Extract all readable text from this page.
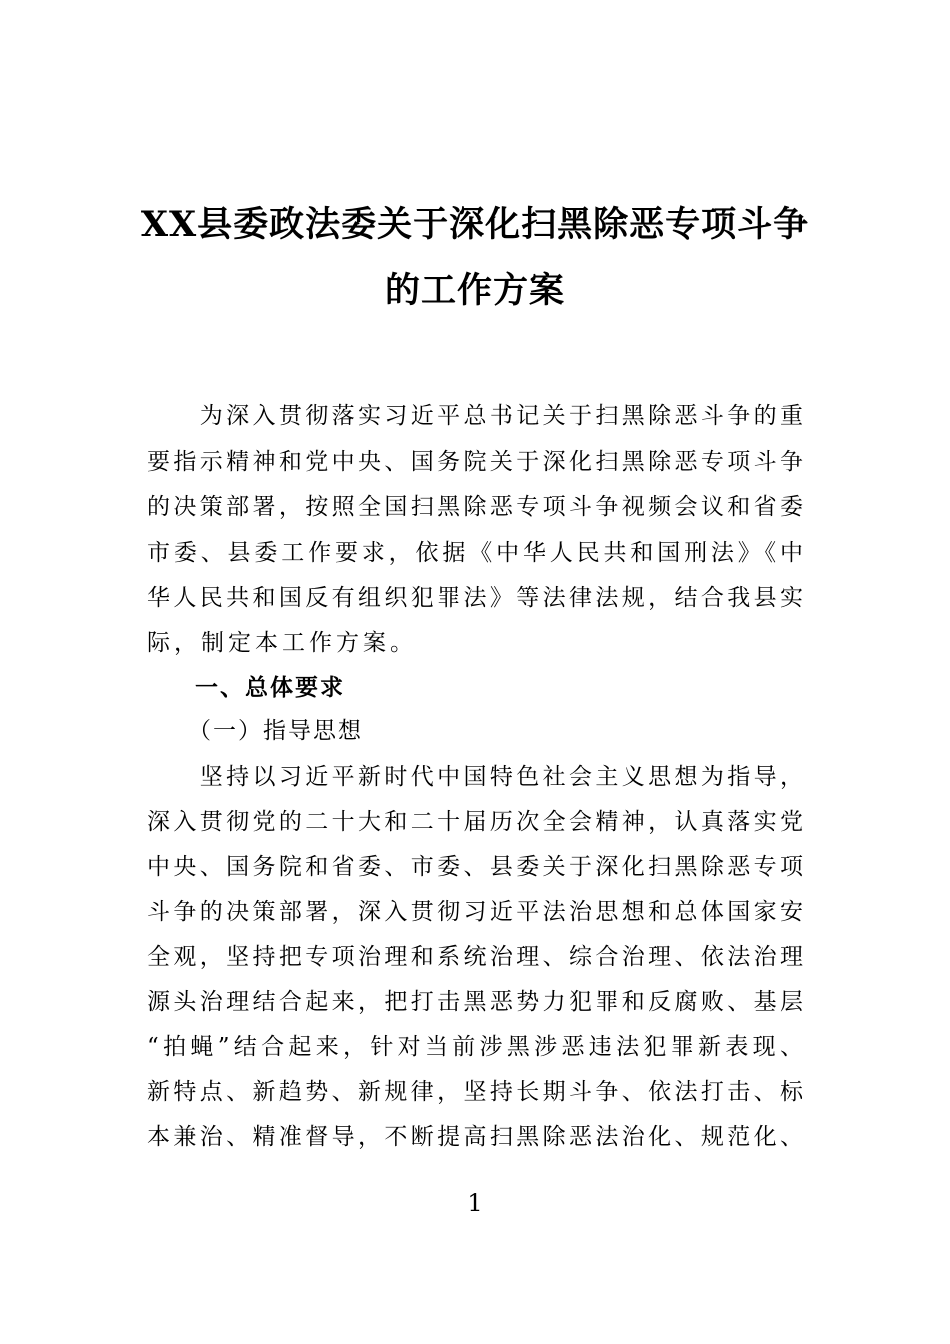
XX县委政法委关于深化扫黑除恶专项斗争
的工作方案
　　为深入贯彻落实习近平总书记关于扫黑除恶斗争的重
要指示精神和党中央、国务院关于深化扫黑除恶专项斗争
的决策部署，按照全国扫黑除恶专项斗争视频会议和省委
市委、县委工作要求，依据《中华人民共和国刑法》《中
华人民共和国反有组织犯罪法》等法律法规，结合我县实
际，制定本工作方案。
一、总体要求
（一）指导思想
　　坚持以习近平新时代中国特色社会主义思想为指导，
深入贯彻党的二十大和二十届历次全会精神，认真落实党
中央、国务院和省委、市委、县委关于深化扫黑除恶专项
斗争的决策部署，深入贯彻习近平法治思想和总体国家安
全观，坚持把专项治理和系统治理、综合治理、依法治理
源头治理结合起来，把打击黑恶势力犯罪和反腐败、基层
“拍蝇”结合起来，针对当前涉黑涉恶违法犯罪新表现、
新特点、新趋势、新规律，坚持长期斗争、依法打击、标
本兼治、精准督导，不断提高扫黑除恶法治化、规范化、
1
